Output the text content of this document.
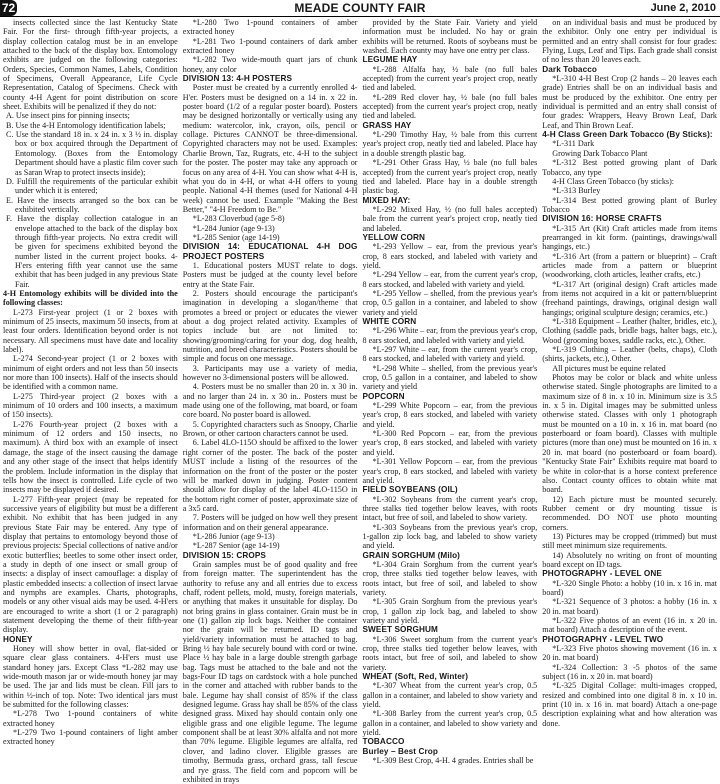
MEADE COUNTY FAIR
72	June 2, 2010

insects collected since the last Kentucky State Fair. For the first- through fifth-year projects, a display collection catalog must be in an envelope attached to the back of the display box. Entomology exhibits are judged on the following categories: Orders, Species, Common Names, Labels, Condition of Specimens, Overall Appearance, Life Cycle Representation, Catalog of Specimens. Check with county 4-H Agent for point distribution on score sheet. Exhibits will be penalized if they do not:

A. Use insect pins for pinning insects;

B. Use the 4-H Entomology identification labels;

C. Use the standard 18 in. x 24 in. x 3 ½ in. display box or box acquired through the Department of Entomology. (Boxes from the Entomology Department should have a plastic film cover such as Saran Wrap to protect insects inside);

D. Fulfill the requirements of the particular exhibit under which it is entered;

E. Have the insects arranged so the box can be exhibited vertically.

F. Have the display collection catalogue in an envelope attached to the back of the display box through fifth-year projects. No extra credit will be given for specimens exhibited beyond the number listed in the current project books. 4-H'ers entering fifth year cannot use the same exhibit that has been judged in any previous State Fair.

4-H Entomology exhibits will be divided into the following classes:

L-273 First-year project (1 or 2 boxes with minimum of 25 insects, maximum 50 insects, from at least four orders. Identification beyond order is not necessary. All specimens must have date and locality label).

L-274 Second-year project (1 or 2 boxes with minimum of eight orders and not less than 50 insects nor more than 100 insects). Half of the insects should be identified with a common name.

L-275 Third-year project (2 boxes with a minimum of 10 orders and 100 insects, a maximum of 150 insects).

L-276 Fourth-year project (2 boxes with a minimum of 12 orders and 150 insects, no maximum). A third box with an example of insect damage, the stage of the insect causing the damage and any other stage of the insect that helps identify the problem. Include information in the display that tells how the insect is controlled. Life cycle of two insects may be displayed if desired.

L-277 Fifth-year project (may be repeated for successive years of eligibility but must be a different exhibit. No exhibit that has been judged in any previous State Fair may be entered. Any type of display that pertains to entomology beyond those of previous projects: Special collections of native and/or exotic butterflies; beetles to some other insect order, a study in depth of one insect or small group of insects: a display of insect camouflage: a display of plastic embedded insects: a collection of insect larvae and nymphs are examples. Charts, photographs, models or any other visual aids may be used. 4-H'ers are encouraged to write a short (1 or 2 paragraph) statement developing the theme of their fifth-year display.

HONEY

Honey will show better in oval, flat-sided or square clear glass containers. 4-H'ers must use standard honey jars. Except Class *L-282 may use wide-mouth mason jar or wide-mouth honey jar may be used. The jar and lids must be clean. Fill jars to within ½-inch of top. Note: Two identical jars must be submitted for the following classes:

*L-278 Two 1-pound containers of white extracted honey

*L-279 Two 1-pound containers of light amber extracted honey

*L-280 Two 1-pound containers of amber extracted honey

*L-281 Two 1-pound containers of dark amber extracted honey

*L-282 Two wide-mouth quart jars of chunk honey, any color

DIVISION 13: 4-H POSTERS

Poster must be created by a currently enrolled 4-H'er. Posters must be designed on a 14 in. x 22 in. poster board (1/2 of a regular poster board). Posters may be designed horizontally or vertically using any medium: watercolor, ink, crayon, oils, pencil or collage. Pictures CANNOT be three-dimensional. Copyrighted characters may not be used. Examples: Charlie Brown, Taz, Rugrats, etc. 4-H to the subject for the poster. The poster may take any approach or focus on any area of 4-H. You can show what 4-H is, what you do in 4-H, or what 4-H offers to young people. National 4-H themes (used for National 4-H week) cannot be used. Example "Making the Best Better," "4-H Freedom to Be."

*L-283 Cloverbud (age 5-8)

*L-284 Junior (age 9-13)

*L-285 Senior (age 14-19)

DIVISION 14: EDUCATIONAL 4-H DOG PROJECT POSTERS

1. Educational posters MUST relate to dogs. Posters must be judged at the county level before entry at the State Fair.

2. Posters should encourage the participant's imagination in developing a slogan/theme that promotes a breed or project or educates the viewer about a dog project related activity. Examples of topics include but are not limited to: showing/grooming/caring for your dog, dog health, nutrition, and breed characteristics. Posters should be simple and focus on one message.

3. Participants may use a variety of media, however no 3-dimensional posters will be allowed.

4. Posters must be no smaller than 20 in. x 30 in. and no larger than 24 in. x 30 in.. Posters must be made using one of the following, mat board, or foam core board. No poster board is allowed.

5. Copyrighted characters such as Snoopy, Charlie Brown, or other cartoon characters cannot be used.

6. Label 4LO-115O should be affixed to the lower right corner of the poster. The back of the poster MUST include a listing of the resources of the information on the front of the poster or the poster will be marked down in judging. Poster content should allow for display of the label 4LO-115O in the bottom right corner of poster, approximate size of a 3x5 card.

7. Posters will be judged on how well they present information and on their general appearance.

*L-286 Junior (age 9-13)

*L-287 Senior (age 14-19)

DIVISION 15: CROPS

Grain samples must be of good quality and free from foreign matter. The superintendent has the authority to refuse any and all entries due to excess chaff, rodent pellets, mold, musty, foreign materials, or anything that makes it unsuitable for display. Do not bring grains in glass container. Grain must be in one (1) gallon zip lock bags. Neither the container nor the grain will be returned. ID tags and yield/variety information must be attached to bag. Bring ½ hay bale securely bound with cord or twine. Place ½ hay bale in a large double strength garbage bag. Tags must be attached to the bale and not the bags-Four ID tags on cardstock with a hole punched in the corner and attached with rubber bands to the bale. Legume hay shall consist of 85% if the class designed legume. Grass hay shall be 85% of the class designed grass. Mixed hay should contain only one eligible grass and one eligible legume. The legume component shall be at least 30% alfalfa and not more than 70% legume. Eligible legumes are alfalfa, red clover, and ladino clover. Eligible grasses are timothy, Bermuda grass, orchard grass, tall fescue and rye grass. The field corn and popcorn will be exhibited in trays

provided by the State Fair. Variety and yield information must be included. No hay or grain exhibits will be returned. Roots of soybeans must be washed. Each county may have one entry per class.

LEGUME HAY

*L-288 Alfalfa hay, ½ bale (no full bales accepted) from the current year's project crop, neatly tied and labeled.

*L-289 Red clover hay, ½ bale (no full bales accepted) from the current year's project crop, neatly tied and labeled.

GRASS HAY

*L-290 Timothy Hay, ½ bale from this current year's project crop, neatly tied and labeled. Place hay in a double strength plastic bag.

*L-291 Other Grass Hay, ½ bale (no full bales accepted) from the current year's project crop, neatly tied and labeled. Place hay in a double strength plastic bag.

MIXED HAY:

*L-292 Mixed Hay, ½ (no full bales accepted) bale from the current year's project crop, neatly tied and labeled.

YELLOW CORN

*L-293 Yellow – ear, from the previous year's crop, 8 ears stocked, and labeled with variety and yield.

*L-294 Yellow – ear, from the current year's crop, 8 ears stocked, and labeled with variety and yield.

*L-295 Yellow – shelled, from the previous year's crop, 0.5 gallon in a container, and labeled to show variety and yield

WHITE CORN

*L-296 White – ear, from the previous year's crop, 8 ears stocked, and labeled with variety and yield.

*L-297 White – ear, from the current year's crop, 8 ears stocked, and labeled with variety and yield.

*L-298 White – shelled, from the previous year's crop, 0.5 gallon in a container, and labeled to show variety and yield

POPCORN

*L-299 White Popcorn – ear, from the previous year's crop, 8 ears stocked, and labeled with variety and yield.

*L-300 Red Popcorn – ear, from the previous year's crop, 8 ears stocked, and labeled with variety and yield.

*L-301 Yellow Popcorn – ear, from the previous year's crop, 8 ears stocked, and labeled with variety and yield.

FIELD SOYBEANS (OIL)

*L-302 Soybeans from the current year's crop, three stalks tied together below leaves, with roots intact, but free of soil, and labeled to show variety.

*L-303 Soybeans from the previous year's crop, 1-gallon zip lock bag, and labeled to show variety and yield.

GRAIN SORGHUM (Milo)

*L-304 Grain Sorghum from the current year's crop, three stalks tied together below leaves, with roots intact, but free of soil, and labeled to show variety.

*L-305 Grain Sorghum from the previous year's crop, 1 gallon zip lock bag, and labeled to show variety and yield.

SWEET SORGHUM

*L-306 Sweet sorghum from the current year's crop, three stalks tied together below leaves, with roots intact, but free of soil, and labeled to show variety.

WHEAT (Soft, Red, Winter)

*L-307 Wheat from the current year's crop, 0.5 gallon in a container, and labeled to show variety and yield.

*L-308 Barley from the current year's crop, 0.5 gallon in a container, and labeled to show variety and yield.

TOBACCO

Burley – Best Crop

*L-309 Best Crop, 4-H. 4 grades. Entries shall be

on an individual basis and must be produced by the exhibitor. Only one entry per individual is permitted and an entry shall consist for four grades: Flying, Lugs, Leaf and Tips. Each grade shall consist of no less than 20 leaves each.

Dark Tobacco

*L-310 4-H Best Crop (2 hands – 20 leaves each grade) Entries shall be on an individual basis and must be produced by the exhibitor. One entry per individual is permitted and an entry shall consist of four grades: Wrappers, Heavy Brown Leaf, Dark Leaf, and Thin Brown Leaf.

4-H Class Green Dark Tobacco (By Sticks):

*L-311 Dark

Growing Dark Tobacco Plant

*L-312 Best potted growing plant of Dark Tobacco, any type

4-H Class Green Tobacco (by sticks):

*L-313 Burley

*L-314 Best potted growing plant of Burley Tobacco

DIVISION 16: HORSE CRAFTS

*L-315 Art (Kit) Craft articles made from items prearranged in kit form. (paintings, drawings/wall hangings, etc.)

*L-316 Art (from a pattern or blueprint) – Craft articles made from a pattern or blueprint (woodworking, cloth articles, leather crafts, etc.)

*L-317 Art (original design) Craft articles made from items not acquired in a kit or pattern/blueprint (freehand paintings, drawings, original design wall hangings; original sculpture design; ceramics, etc.)

*L-318 Equipment – Leather (halter, bridles, etc.), Clothing (saddle pads, bridle bags, halter bags, etc.), Wood (grooming boxes, saddle racks, etc.), Other.

*L-319 Clothing – Leather (belts, chaps), Cloth (shirts, jackets, etc.), Other.

All pictures must be equine related

Photos may be color or black and white unless otherwise stated. Single photographs are limited to a maximum size of 8 in. x 10 in. Minimum size is 3.5 in. x 5 in. Digital images may be submitted unless otherwise stated. Classes with only 1 photograph must be mounted on a 10 in. x 16 in. mat board (no posterboard or foam board). Classes with multiple pictures (more than one) must be mounted on 16 in. x 20 in. mat board (no posterboard or foam board). "Kentucky State Fair" Exhibits require mat board to be white in color-that is a horse context preference also. Contact county offices to obtain white mat board.

12) Each picture must be mounted securely. Rubber cement or dry mounting tissue is recommended. DO NOT use photo mounting corners.

13) Pictures may be cropped (trimmed) but must still meet minimum size requirements.

14) Absolutely no writing on front of mounting board except on ID tags.

PHOTOGRAPHY - LEVEL ONE

*L-320 Single Photo: a hobby (10 in. x 16 in. mat board)

*L-321 Sequence of 3 photos: a hobby (16 in. x 20 in. mat board)

*L-322 Five photos of an event (16 in. x 20 in. mat board) Attach a description of the event.

PHOTOGRAPHY - LEVEL TWO

*L-323 Five photos showing movement (16 in. x 20 in. mat board)

*L-324 Collection: 3 -5 photos of the same subject (16 in. x 20 in. mat board)

*L-325 Digital Collage: multi-images cropped, resized and combined into one digital 8 in. x 10 in. print (10 in. x 16 in. mat board) Attach a one-page description explaining what and how alteration was done.
